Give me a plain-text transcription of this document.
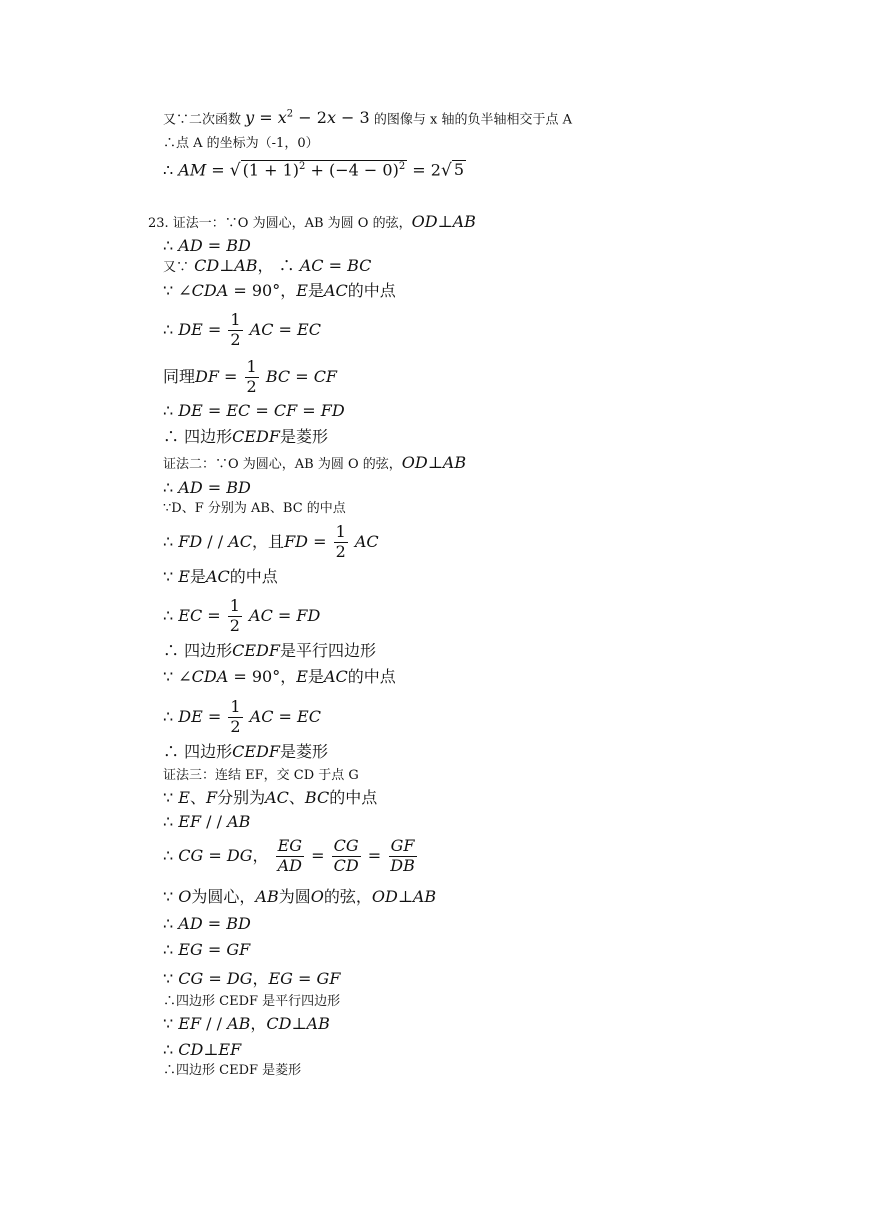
又∵二次函数 $y = x^2 - 2x - 3$ 的图像与 x 轴的负半轴相交于点 A
∴点 A 的坐标为（-1，0）
∴ AM = √ $(1 + 1)^2 + (-4 - 0)^2 = 2√$ 5
23. 证法一：∵O 为圆心，AB 为圆 O 的弦，OD⊥AB
∴ AD = BD
又∵ CD⊥AB， ∴ AC = BC
∵ ∠CDA = 90°，E是AC的中点
∴ DE = $\frac{1}{2}$ AC = EC
同理DF = $\frac{1}{2}$ BC = CF
∴ DE = EC = CF = FD
∴ 四边形CEDF是菱形
证法二：∵O 为圆心，AB 为圆 O 的弦，OD⊥AB
∴ AD = BD
∵D、F 分别为 AB、BC 的中点
∴ FD / / AC，且FD = $\frac{1}{2}$ AC
∵ E是AC的中点
∴ EC = $\frac{1}{2}$ AC = FD
∴ 四边形CEDF是平行四边形
∵ ∠CDA = 90°，E是AC的中点
∴ DE = $\frac{1}{2}$ AC = EC
∴ 四边形CEDF是菱形
证法三：连结 EF，交 CD 于点 G
∵ E、F分别为AC、BC的中点
∴ EF / / AB
∴ CG = DG， $\frac{EG}{AD} = \frac{CG}{CD} = \frac{GF}{DB}$
∵ O为圆心，AB为圆O的弦，OD⊥AB
∴ AD = BD
∴ EG = GF
∵ CG = DG，EG = GF
∴四边形 CEDF 是平行四边形
∵ EF / / AB，CD⊥AB
∴ CD⊥EF
∴四边形 CEDF 是菱形
